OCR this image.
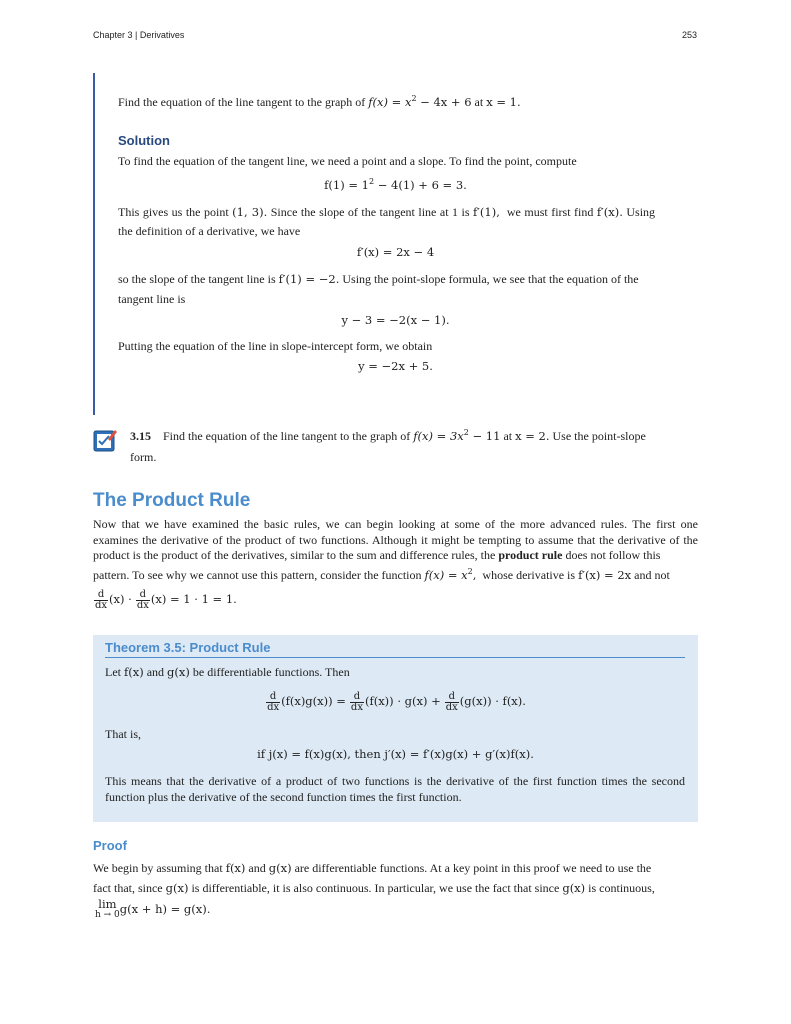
Chapter 3 | Derivatives	253
Find the equation of the line tangent to the graph of $f(x) = x^2 - 4x + 6$ at x = 1.
Solution
To find the equation of the tangent line, we need a point and a slope. To find the point, compute
$f(1) = 1^2 - 4(1) + 6 = 3$.
This gives us the point (1, 3). Since the slope of the tangent line at 1 is f′(1), we must first find f′(x). Using
the definition of a derivative, we have
f′(x) = 2x − 4
so the slope of the tangent line is f′(1) = −2. Using the point-slope formula, we see that the equation of the
tangent line is
y − 3 = −2(x − 1).
Putting the equation of the line in slope-intercept form, we obtain
y = −2x + 5.
3.15 Find the equation of the line tangent to the graph of $f(x) = 3x^2 - 11$ at x = 2. Use the point-slope
form.
The Product Rule
Now that we have examined the basic rules, we can begin looking at some of the more advanced rules. The first one examines the derivative of the product of two functions. Although it might be tempting to assume that the derivative of the product is the product of the derivatives, similar to the sum and difference rules, the product rule does not follow this
pattern. To see why we cannot use this pattern, consider the function $f(x) = x^2$, whose derivative is f′(x) = 2x and not
$\frac{d}{dx} (x) \cdot \frac{d}{dx} (x) = 1 \cdot 1 = 1$.
Theorem 3.5: Product Rule
Let f(x) and g(x) be differentiable functions. Then
$\frac{d}{dx} (f(x)g(x)) = \frac{d}{dx} (f(x)) \cdot g(x) + \frac{d}{dx} (g(x)) \cdot f(x)$.
That is,
if j(x) = f(x)g(x), then j′(x) = f′(x)g(x) + g′(x)f(x).
This means that the derivative of a product of two functions is the derivative of the first function times the second function plus the derivative of the second function times the first function.
Proof
We begin by assuming that f(x) and g(x) are differentiable functions. At a key point in this proof we need to use the
fact that, since g(x) is differentiable, it is also continuous. In particular, we use the fact that since g(x) is continuous,
lim
h → 0 g(x + h) = g(x).
